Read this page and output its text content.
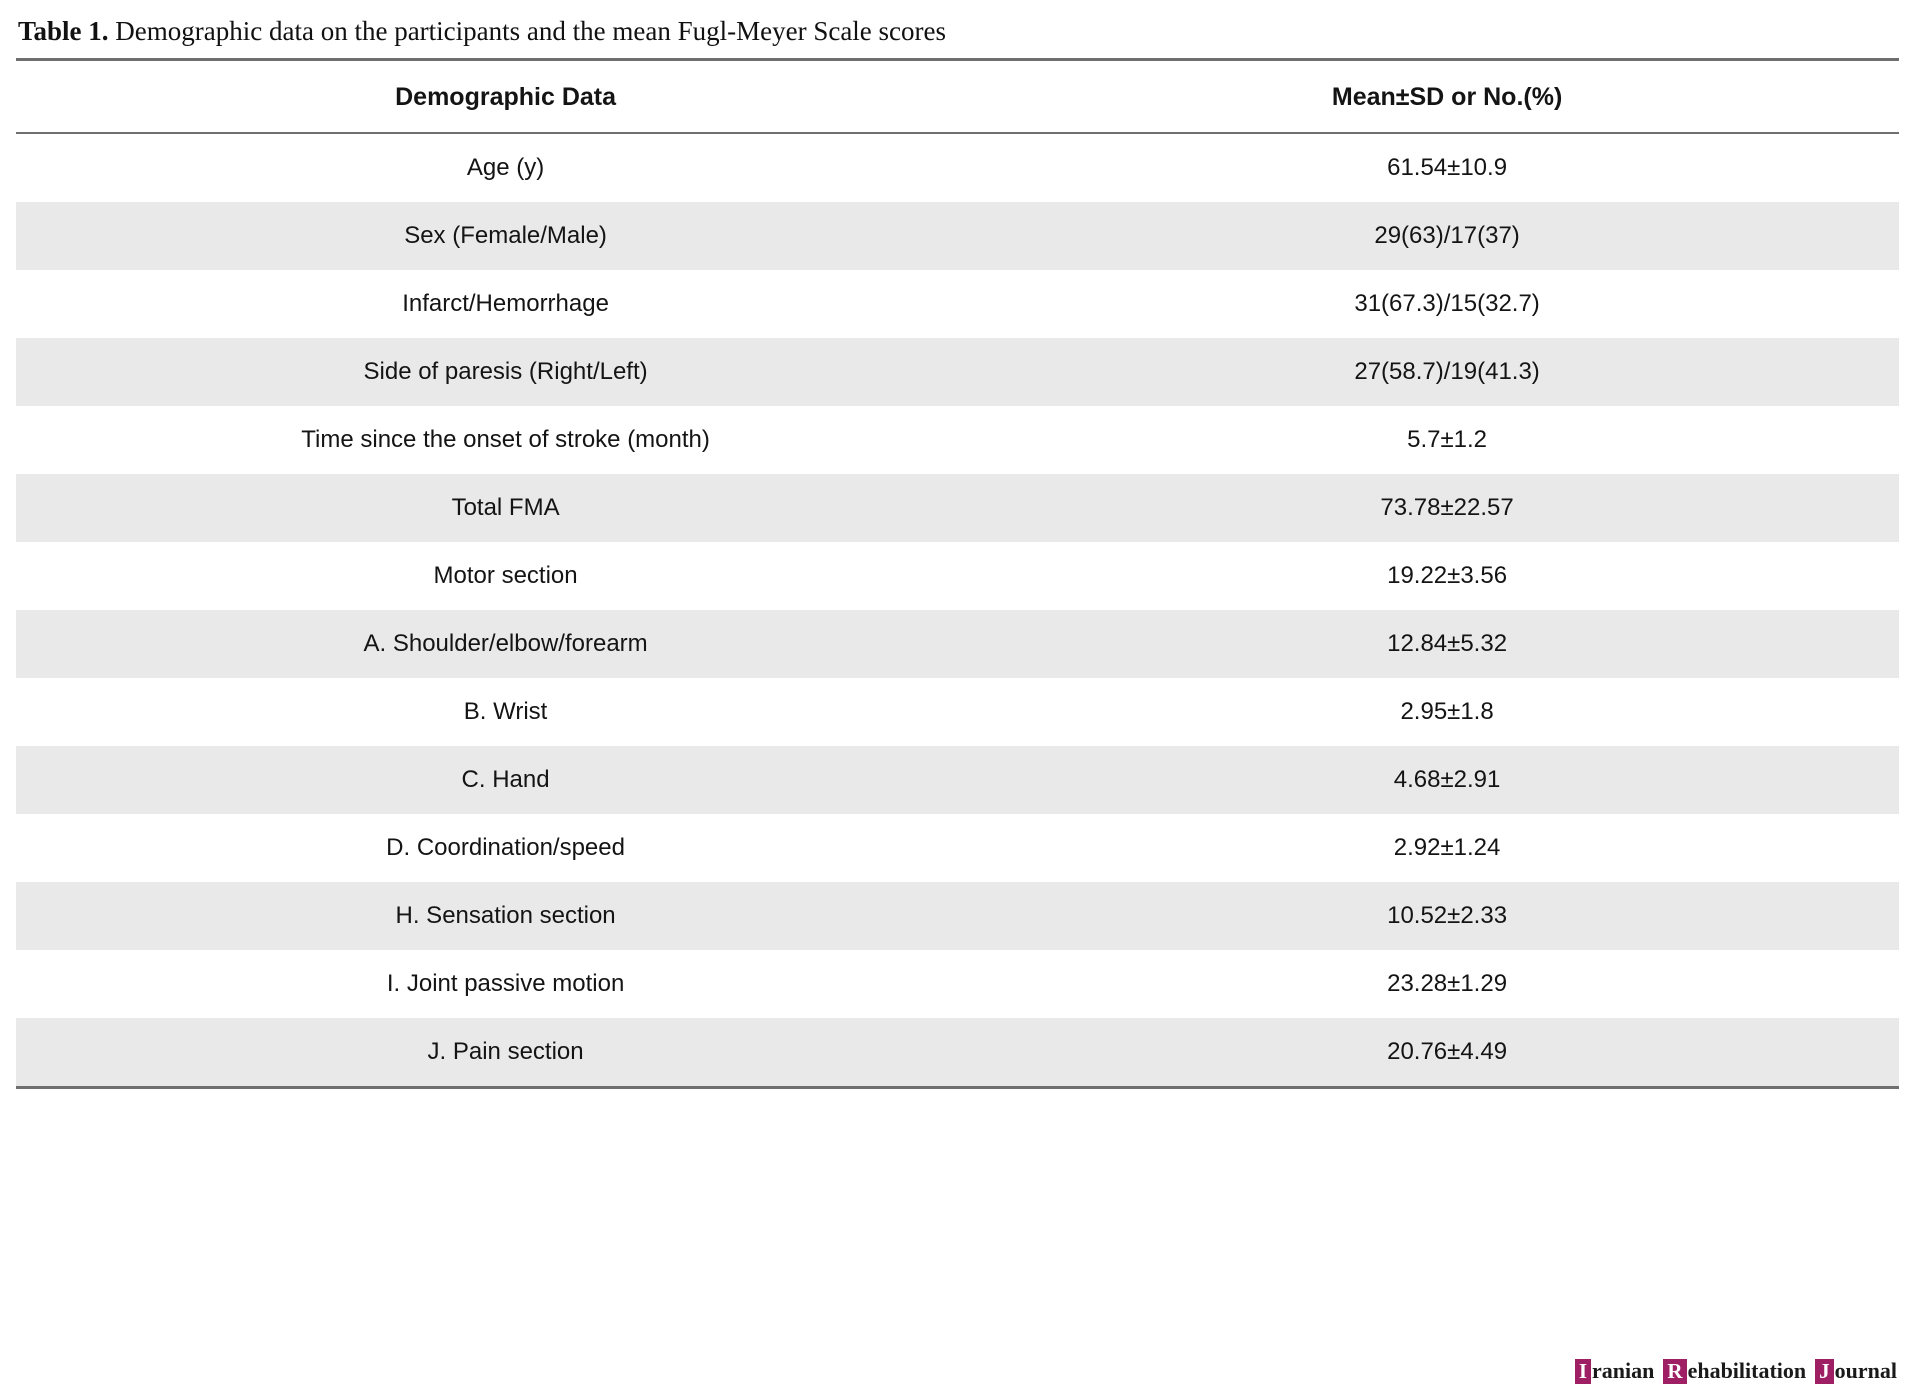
Table 1. Demographic data on the participants and the mean Fugl-Meyer Scale scores
Demographic Data	Mean±SD or No.(%)
Age (y)	61.54±10.9
Sex (Female/Male)	29(63)/17(37)
Infarct/Hemorrhage	31(67.3)/15(32.7)
Side of paresis (Right/Left)	27(58.7)/19(41.3)
Time since the onset of stroke (month)	5.7±1.2
Total FMA	73.78±22.57
Motor section	19.22±3.56
A. Shoulder/elbow/forearm	12.84±5.32
B. Wrist	2.95±1.8
C. Hand	4.68±2.91
D. Coordination/speed	2.92±1.24
H. Sensation section	10.52±2.33
I. Joint passive motion	23.28±1.29
J. Pain section	20.76±4.49
I ranian R ehabilitation J ournal
